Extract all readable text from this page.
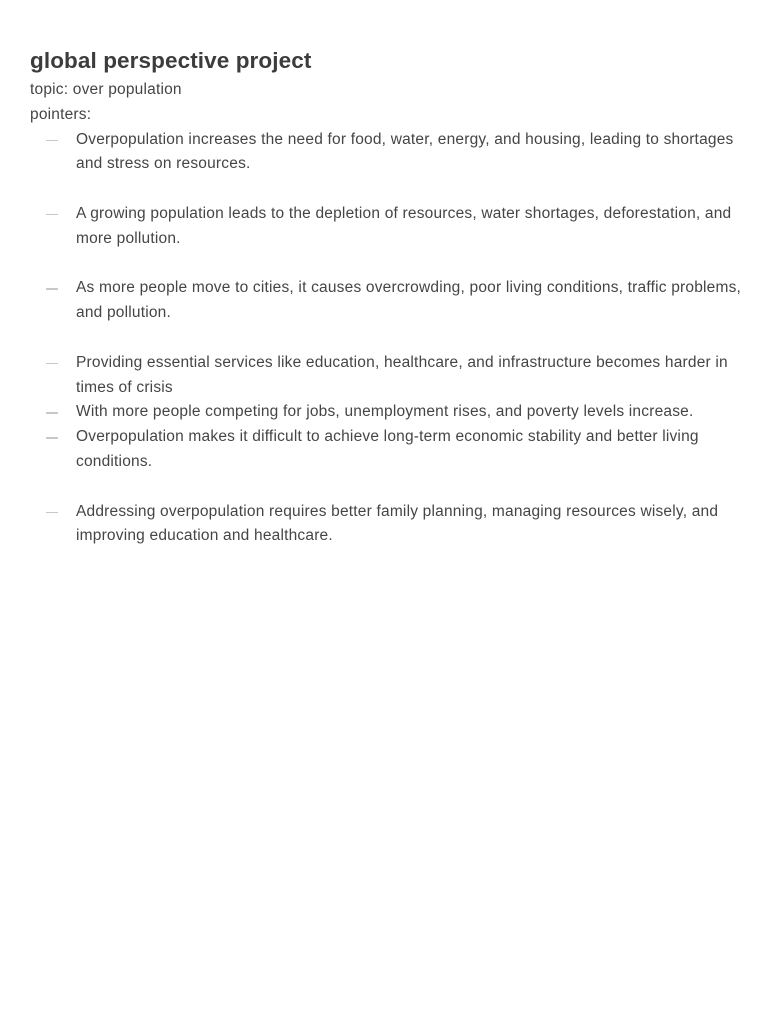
global perspective project

topic: over population

pointers:

Overpopulation increases the need for food, water, energy, and housing, leading to shortages and stress on resources.
A growing population leads to the depletion of resources, water shortages, deforestation, and more pollution.
As more people move to cities, it causes overcrowding, poor living conditions, traffic problems, and pollution.
Providing essential services like education, healthcare, and infrastructure becomes harder in times of crisis
With more people competing for jobs, unemployment rises, and poverty levels increase.
Overpopulation makes it difficult to achieve long-term economic stability and better living conditions.
Addressing overpopulation requires better family planning, managing resources wisely, and improving education and healthcare.
